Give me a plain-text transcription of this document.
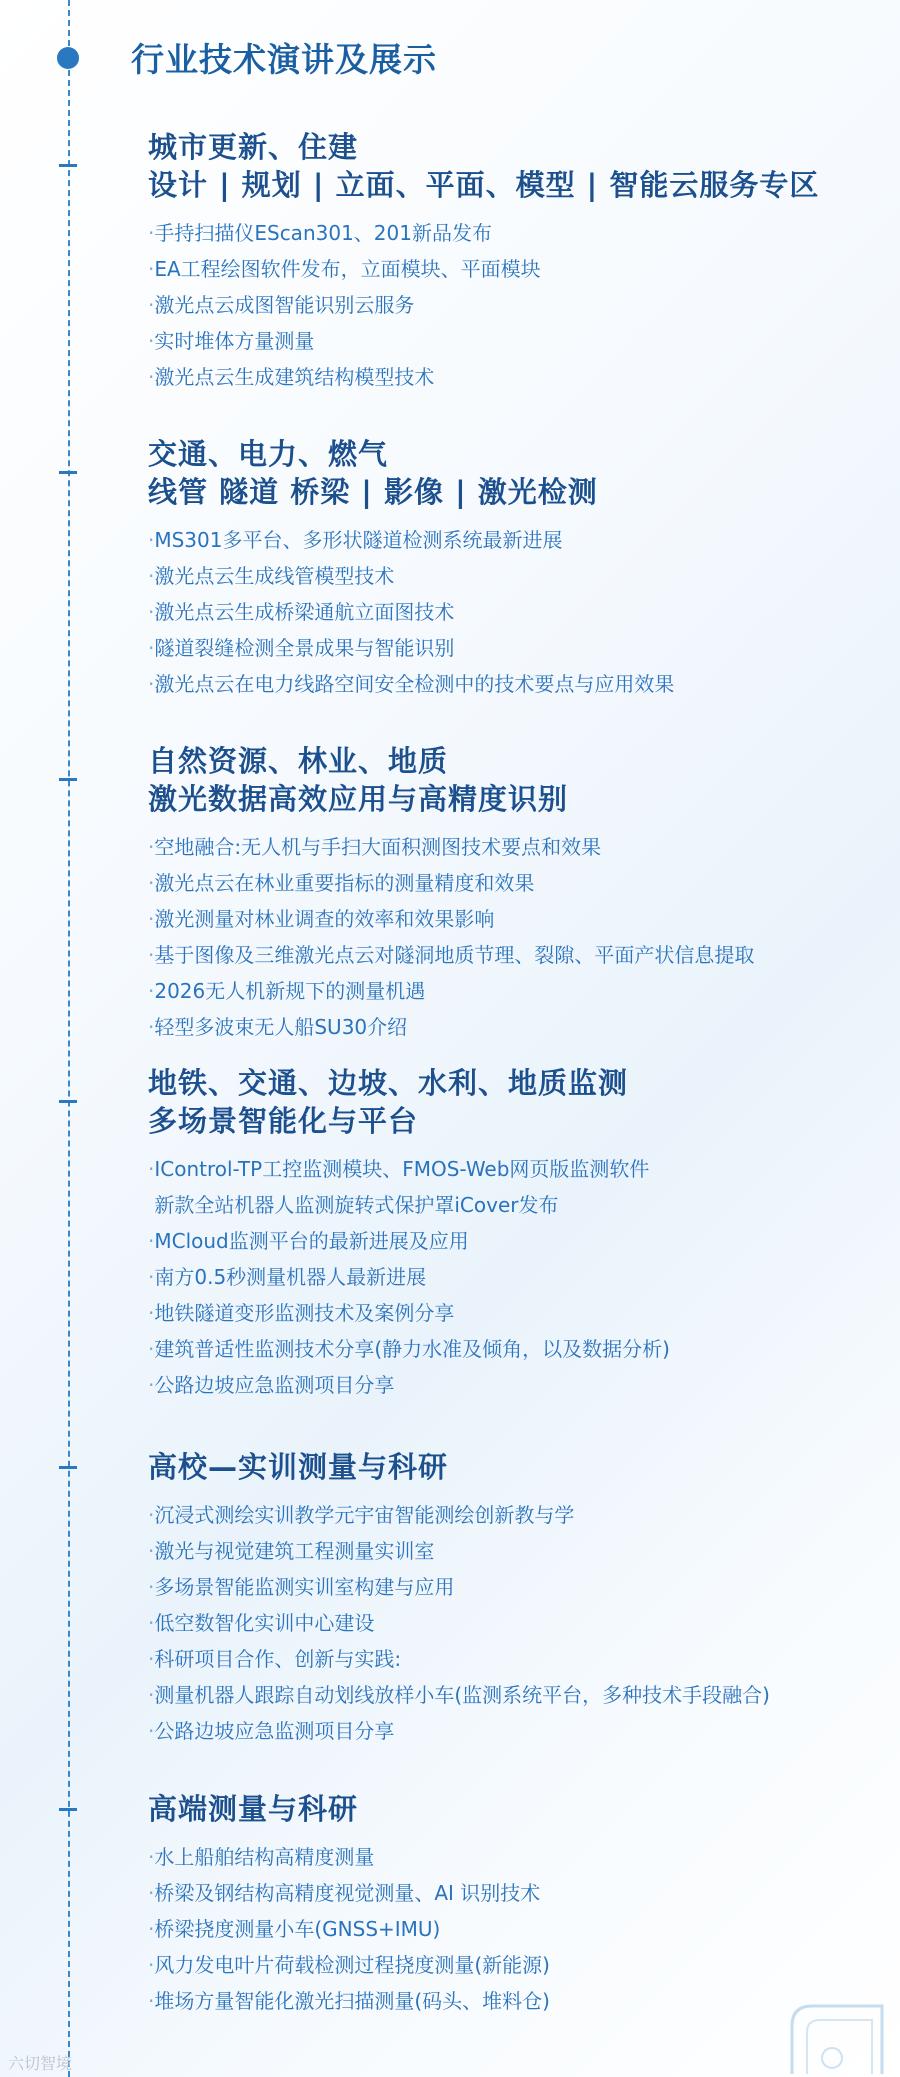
行业技术演讲及展示
城市更新、住建
设计 | 规划 | 立面、平面、模型 | 智能云服务专区
·手持扫描仪EScan301、201新品发布
·EA工程绘图软件发布，立面模块、平面模块
·激光点云成图智能识别云服务
·实时堆体方量测量
·激光点云生成建筑结构模型技术
交通、电力、燃气
线管 隧道 桥梁 | 影像 | 激光检测
·MS301多平台、多形状隧道检测系统最新进展
·激光点云生成线管模型技术
·激光点云生成桥梁通航立面图技术
·隧道裂缝检测全景成果与智能识别
·激光点云在电力线路空间安全检测中的技术要点与应用效果
自然资源、林业、地质
激光数据高效应用与高精度识别
·空地融合:无人机与手扫大面积测图技术要点和效果
·激光点云在林业重要指标的测量精度和效果
·激光测量对林业调查的效率和效果影响
·基于图像及三维激光点云对隧洞地质节理、裂隙、平面产状信息提取
·2026无人机新规下的测量机遇
·轻型多波束无人船SU30介绍
地铁、交通、边坡、水利、地质监测
多场景智能化与平台
·IControl-TP工控监测模块、FMOS-Web网页版监测软件
新款全站机器人监测旋转式保护罩iCover发布
·MCloud监测平台的最新进展及应用
·南方0.5秒测量机器人最新进展
·地铁隧道变形监测技术及案例分享
·建筑普适性监测技术分享(静力水准及倾角，以及数据分析)
·公路边坡应急监测项目分享
高校—实训测量与科研
·沉浸式测绘实训教学元宇宙智能测绘创新教与学
·激光与视觉建筑工程测量实训室
·多场景智能监测实训室构建与应用
·低空数智化实训中心建设
·科研项目合作、创新与实践:
·测量机器人跟踪自动划线放样小车(监测系统平台，多种技术手段融合)
·公路边坡应急监测项目分享
高端测量与科研
·水上船舶结构高精度测量
·桥梁及钢结构高精度视觉测量、AI 识别技术
·桥梁挠度测量小车(GNSS+IMU)
·风力发电叶片荷载检测过程挠度测量(新能源)
·堆场方量智能化激光扫描测量(码头、堆料仓)
六切智境
